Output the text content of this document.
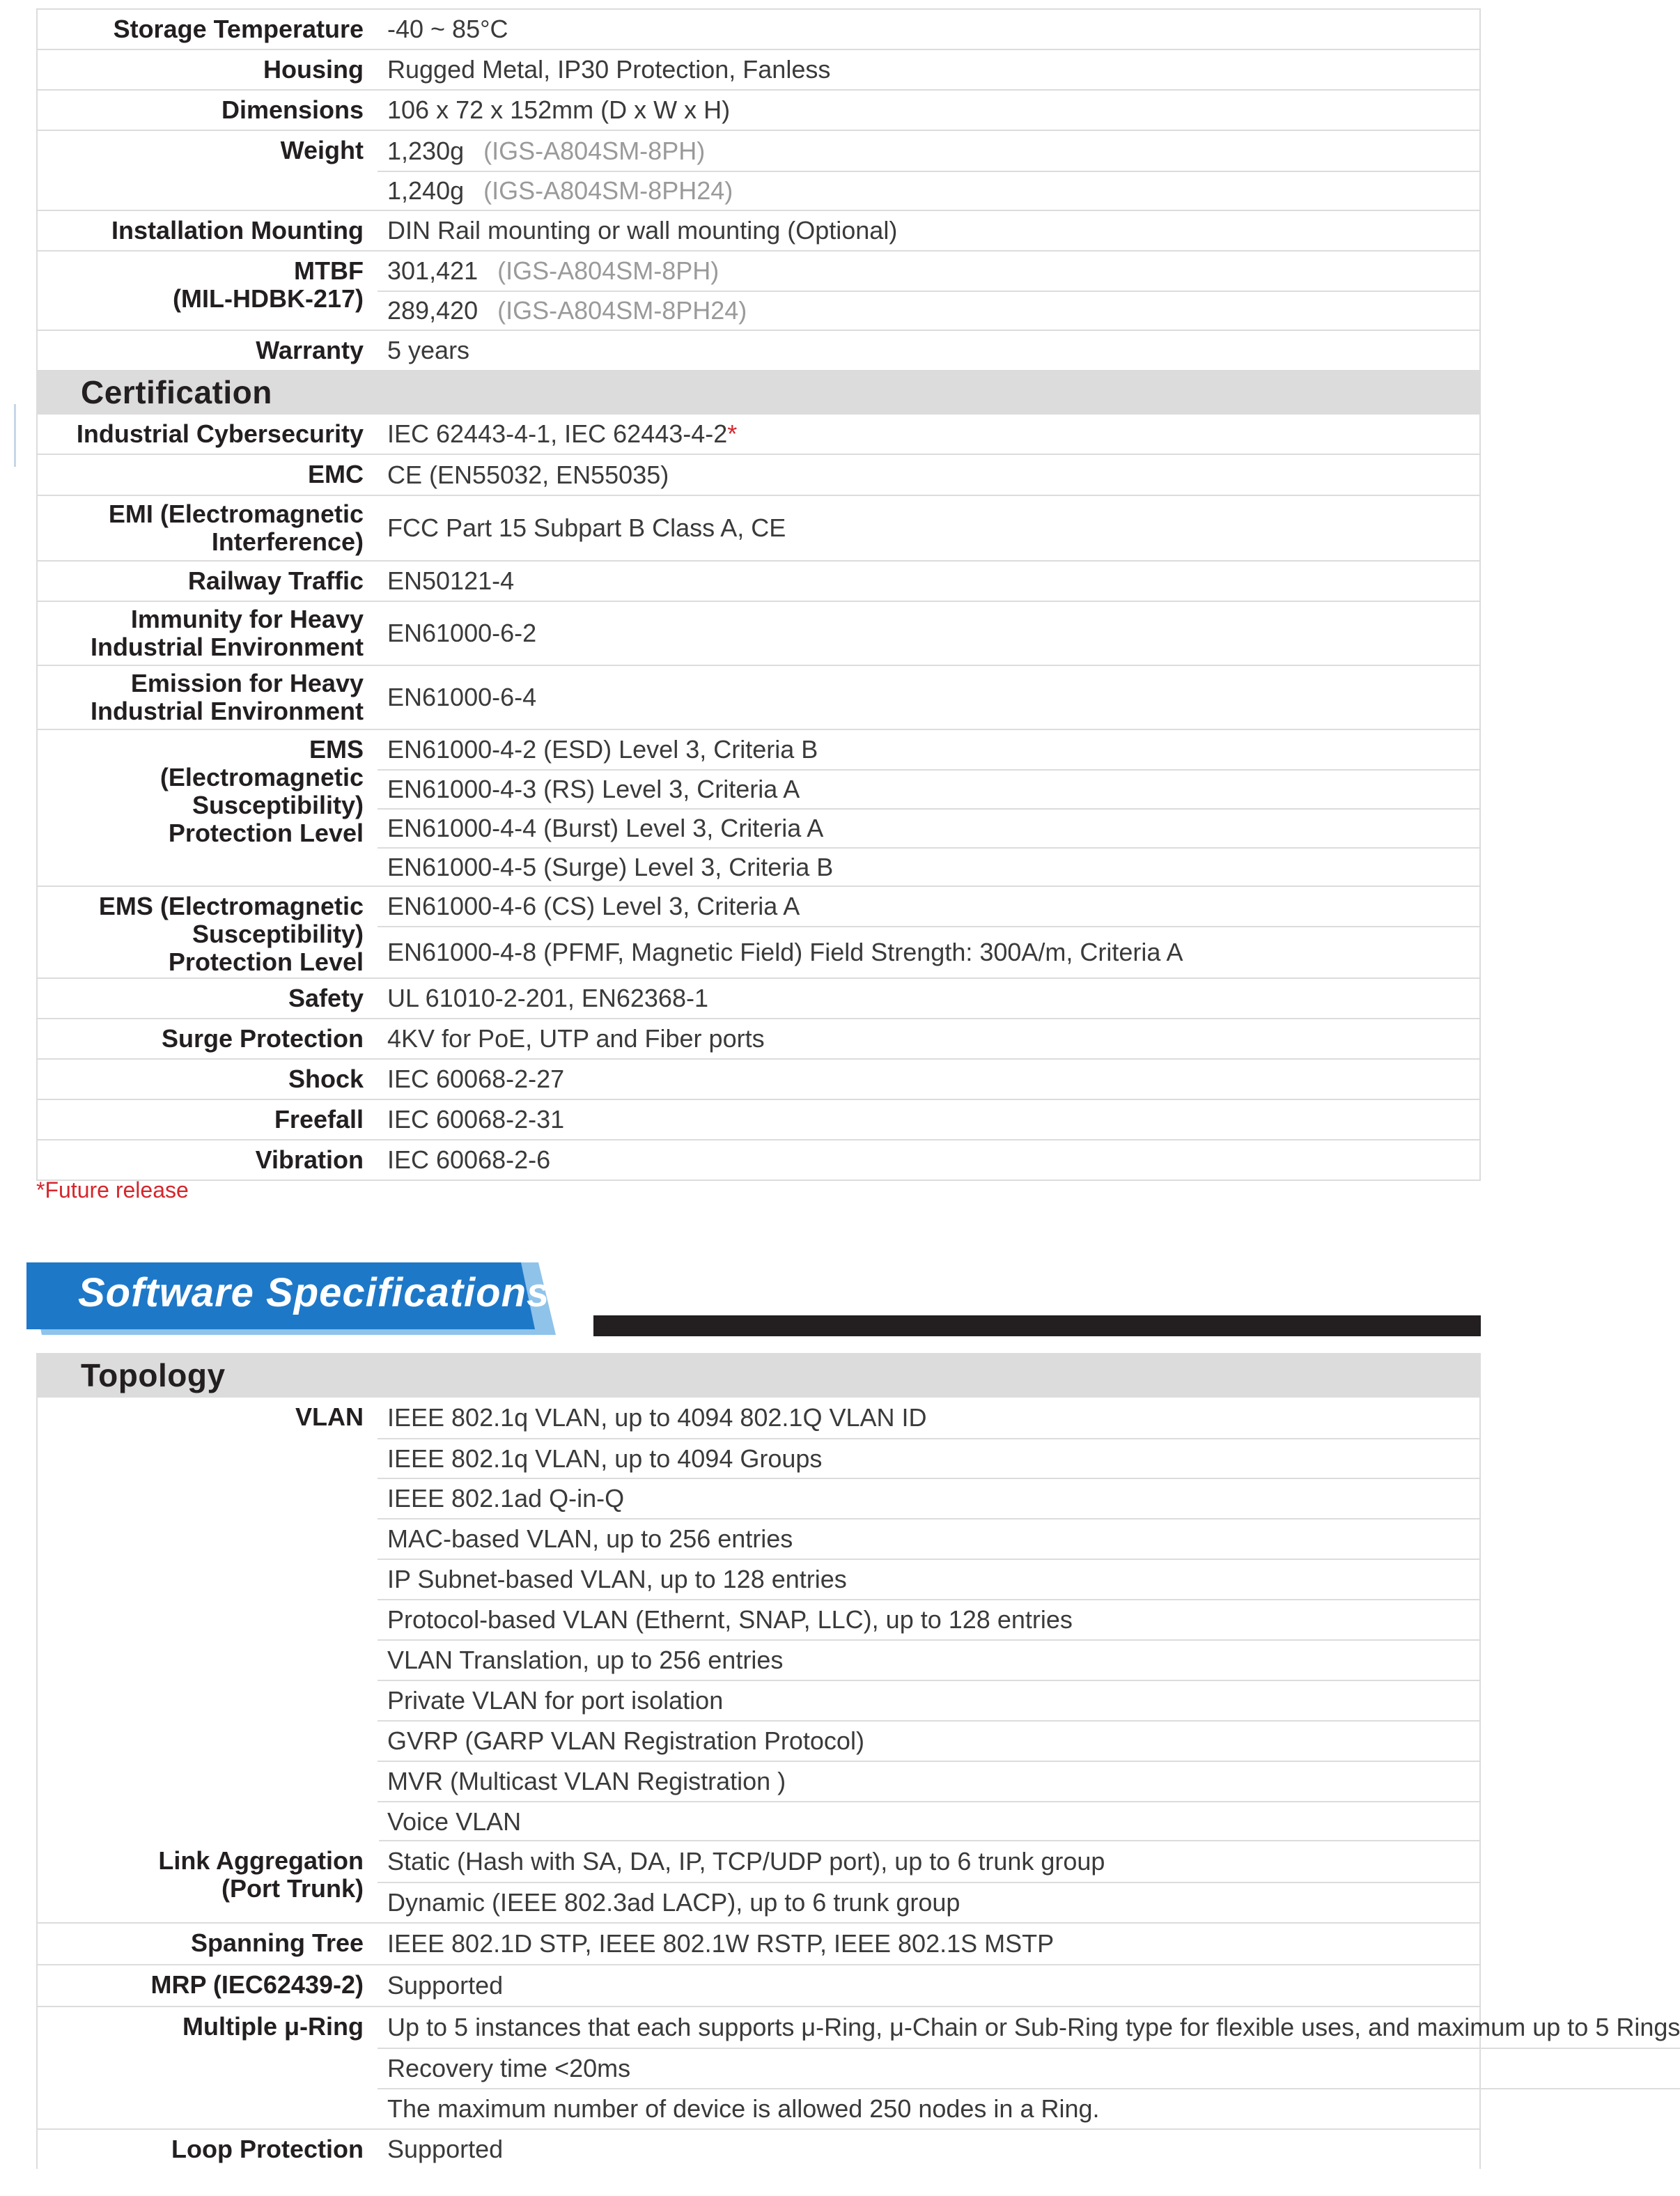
Storage Temperature -40 ~ 85°C
Housing Rugged Metal, IP30 Protection, Fanless
Dimensions 106 x 72 x 152mm (D x W x H)
Weight 1,230g (IGS-A804SM-8PH)
1,240g (IGS-A804SM-8PH24)
Installation Mounting DIN Rail mounting or wall mounting (Optional)
MTBF
(MIL-HDBK-217)
301,421 (IGS-A804SM-8PH)
289,420 (IGS-A804SM-8PH24)
Warranty 5 years
Certification
Industrial Cybersecurity IEC 62443-4-1, IEC 62443-4-2 *
EMC CE (EN55032, EN55035)
EMI (Electromagnetic
Interference) FCC Part 15 Subpart B Class A, CE
Railway Traffic EN50121-4
Immunity for Heavy
Industrial Environment EN61000-6-2
Emission for Heavy
Industrial Environment EN61000-6-4
EMS
(Electromagnetic
Susceptibility)
Protection Level
EN61000-4-2 (ESD) Level 3, Criteria B
EN61000-4-3 (RS) Level 3, Criteria A
EN61000-4-4 (Burst) Level 3, Criteria A
EN61000-4-5 (Surge) Level 3, Criteria B
EMS (Electromagnetic
Susceptibility)
Protection Level
EN61000-4-6 (CS) Level 3, Criteria A
EN61000-4-8 (PFMF, Magnetic Field) Field Strength: 300A/m, Criteria A
Safety UL 61010-2-201, EN62368-1
Surge Protection 4KV for PoE, UTP and Fiber ports
Shock IEC 60068-2-27
Freefall IEC 60068-2-31
Vibration IEC 60068-2-6
*Future release
Software Specifications
Topology
VLAN IEEE 802.1q VLAN, up to 4094 802.1Q VLAN ID
IEEE 802.1q VLAN, up to 4094 Groups
IEEE 802.1ad Q-in-Q
MAC-based VLAN, up to 256 entries
IP Subnet-based VLAN, up to 128 entries
Protocol-based VLAN (Ethernt, SNAP, LLC), up to 128 entries
VLAN Translation, up to 256 entries
Private VLAN for port isolation
GVRP (GARP VLAN Registration Protocol)
MVR (Multicast VLAN Registration )
Voice VLAN
Link Aggregation
(Port Trunk)
Static (Hash with SA, DA, IP, TCP/UDP port), up to 6 trunk group
Dynamic (IEEE 802.3ad LACP), up to 6 trunk group
Spanning Tree IEEE 802.1D STP, IEEE 802.1W RSTP, IEEE 802.1S MSTP
MRP (IEC62439-2) Supported
Multiple μ-Ring Up to 5 instances that each supports μ-Ring, μ-Chain or Sub-Ring type for flexible uses, and maximum up to 5 Rings
Recovery time <20ms
The maximum number of device is allowed 250 nodes in a Ring.
Loop Protection Supported
